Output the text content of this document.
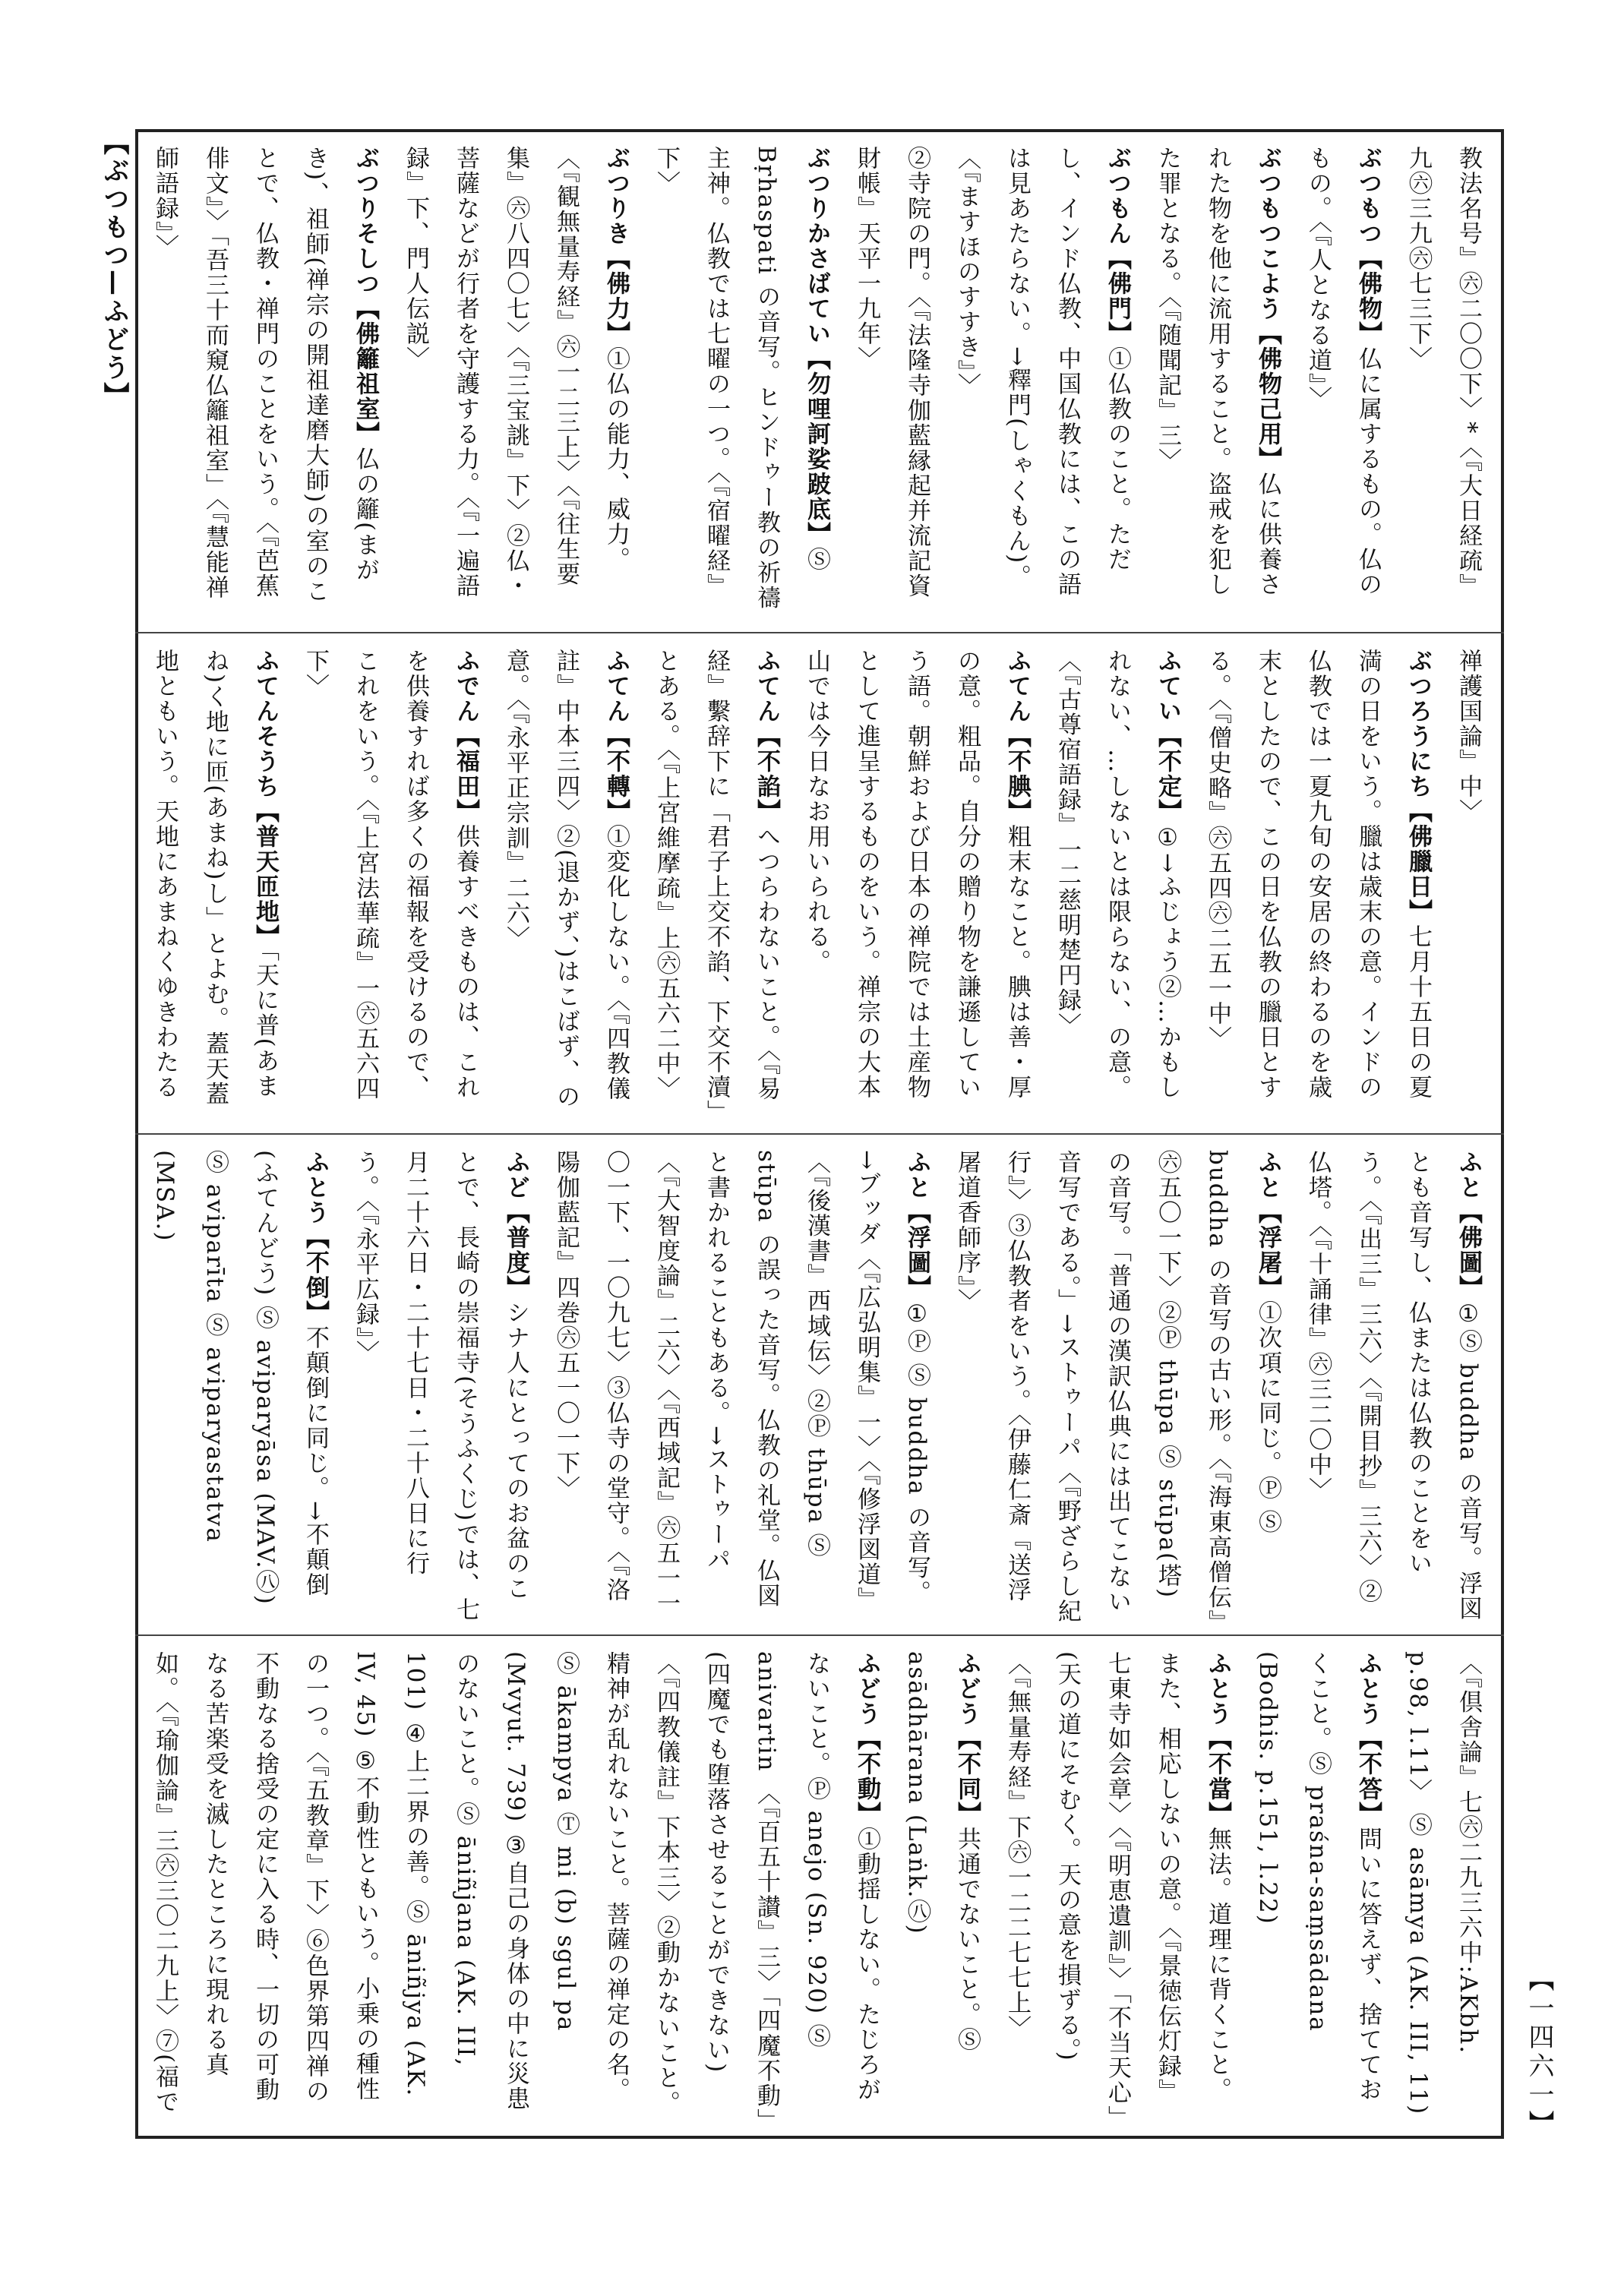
【ぶつもつ—ふどう】
【一四六一】
教法名号』㊅二〇〇下〉*〈『大日経疏』九㊅三九㊅七三下〉
ぶつもつ【佛物】仏に属するもの。仏のもの。〈『人となる道』〉
ぶつもつこよう【佛物己用】仏に供養された物を他に流用すること。盗戒を犯した罪となる。〈『随聞記』三〉
ぶつもん【佛門】①仏教のこと。ただし、インド仏教、中国仏教には、この語は見あたらない。→釋門(しゃくもん)。〈『ますほのすすき』〉
②寺院の門。〈『法隆寺伽藍縁起并流記資財帳』天平一九年〉
ぶつりかさばてい【勿哩訶娑跛底】Ⓢ Bṛhaspati の音写。ヒンドゥー教の祈禱主神。仏教では七曜の一つ。〈『宿曜経』下〉
ぶつりき【佛力】①仏の能力、威力。〈『観無量寿経』㊅一二三上〉〈『往生要集』㊅八四〇七〉〈『三宝誂』下〉②仏・菩薩などが行者を守護する力。〈『一遍語録』下、門人伝説〉
ぶつりそしつ【佛籬祖室】仏の籬(まがき)、祖師(禅宗の開祖達磨大師)の室のことで、仏教・禅門のことをいう。〈『芭蕉俳文』〉「吾三十而窺仏籬祖室」〈『慧能禅師語録』〉
禅護国論』中〉
ぶつろうにち【佛臘日】七月十五日の夏満の日をいう。臘は歳末の意。インドの仏教では一夏九旬の安居の終わるのを歳末としたので、この日を仏教の臘日とする。〈『僧史略』㊅五四㊅二五一中〉
ふてい【不定】①→ふじょう②…かもしれない、…しないとは限らない、の意。〈『古尊宿語録』一二慈明楚円録〉
ふてん【不腆】粗末なこと。腆は善・厚の意。粗品。自分の贈り物を謙遜していう語。朝鮮および日本の禅院では土産物として進呈するものをいう。禅宗の大本山では今日なお用いられる。
ふてん【不諂】へつらわないこと。〈『易経』繫辞下に「君子上交不諂、下交不瀆」とある。〈『上宮維摩疏』上㊅五六二中〉
ふてん【不轉】①変化しない。〈『四教儀註』中本三四〉②(退かず、)はこばず、の意。〈『永平正宗訓』二六〉
ふでん【福田】供養すべきものは、これを供養すれば多くの福報を受けるので、これをいう。〈『上宮法華疏』一㊅五六四下〉
ふてんそうち【普天匝地】「天に普(あまね)く地に匝(あまね)し」とよむ。蓋天蓋地ともいう。天地にあまねくゆきわたる
ふと【佛圖】①Ⓢ buddha の音写。浮図とも音写し、仏または仏教のことをいう。〈『出三』三六〉〈『開目抄』三六〉②仏塔。〈『十誦律』㊅三二〇中〉
ふと【浮屠】①次項に同じ。Ⓟ Ⓢ buddha の音写の古い形。〈『海東高僧伝』㊅五〇一下〉②Ⓟ thūpa Ⓢ stūpa(塔)の音写。「普通の漢訳仏典には出てこない音写である。」→ストゥーパ〈『野ざらし紀行』〉③仏教者をいう。〈伊藤仁斎『送浮屠道香師序』〉
ふと【浮圖】①Ⓟ Ⓢ buddha の音写。→ブッダ〈『広弘明集』一〉〈『修浮図道』〈『後漢書』西域伝〉②Ⓟ thūpa Ⓢ stūpa の誤った音写。仏教の礼堂。仏図と書かれることもある。→ストゥーパ〈『大智度論』二六〉〈『西域記』㊅五一一〇一下、一〇九七〉③仏寺の堂守。〈『洛陽伽藍記』四巻㊅五一〇一下〉
ふど【普度】シナ人にとってのお盆のことで、長崎の崇福寺(そうふくじ)では、七月二十六日・二十七日・二十八日に行う。〈『永平広録』〉
ふとう【不倒】不顛倒に同じ。→不顛倒(ふてんどう) Ⓢ aviparyāsa (MAV.㊇) Ⓢ aviparīta Ⓢ aviparyastatva (MSA.)
〈『倶舎論』七㊅二九三六中:AKbh. p.98, l.11〉 Ⓢ asāmya (AK. III, 11)
ふとう【不答】問いに答えず、捨てておくこと。Ⓢ praśna-saṃsādana (Bodhis. p.151, l.22)
ふとう【不當】無法。道理に背くこと。また、相応しないの意。〈『景徳伝灯録』七東寺如会章〉〈『明恵遺訓』〉「不当天心」(天の道にそむく。天の意を損ずる。)〈『無量寿経』下㊅一二二七七上〉
ふどう【不同】共通でないこと。Ⓢ asādhārana (Laṅk.㊇)
ふどう【不動】①動揺しない。たじろがないこと。Ⓟ anejo (Sn. 920) Ⓢ anivartin 〈『百五十讃』三〉「四魔不動」(四魔でも堕落させることができない)〈『四教儀註』下本三〉②動かないこと。精神が乱れないこと。菩薩の禅定の名。Ⓢ ākampya Ⓣ mi (b) sgul pa (Mvyut. 739) ③自己の身体の中に災患のないこと。Ⓢ āniñjana (AK. III, 101) ④上二界の善。Ⓢ āniñjya (AK. IV, 45) ⑤不動性ともいう。小乗の種性の一つ。〈『五教章』下〉⑥色界第四禅の不動なる捨受の定に入る時、一切の可動なる苦楽受を滅したところに現れる真如。〈『瑜伽論』三㊅三〇二九上〉⑦(福で
